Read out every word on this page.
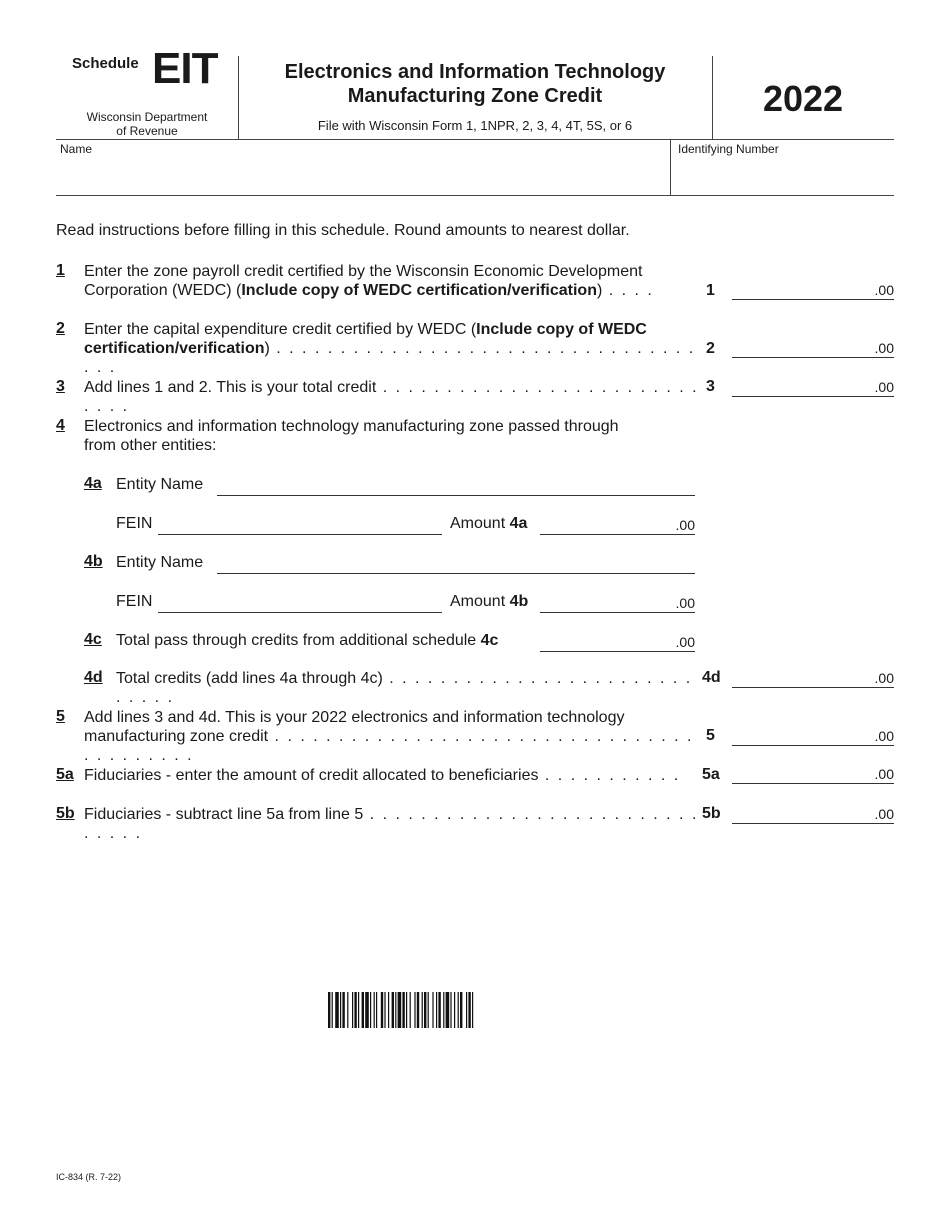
Schedule EIT
Wisconsin Department
of Revenue
Electronics and Information Technology
Manufacturing Zone Credit
File with Wisconsin Form 1, 1NPR, 2, 3, 4, 4T, 5S, or 6
2022
Name	Identifying Number
Read instructions before filling in this schedule. Round amounts to nearest dollar.
1 Enter the zone payroll credit certified by the Wisconsin Economic Development
Corporation (WEDC) (Include copy of WEDC certification/verification) . . . .	1	.00
2 Enter the capital expenditure credit certified by WEDC (Include copy of WEDC
certification/verification) . . . . . . . . . . . . . . . . . . . . . . . . . . . . . . . . . . . .
2	.00
3 Add lines 1 and 2. This is your total credit . . . . . . . . . . . . . . . . . . . . . . . . . . . . .
3	.00
4 Electronics and information technology manufacturing zone passed through
from other entities:
4a Entity Name
FEIN	Amount 4a	.00
4b Entity Name
FEIN	Amount 4b	.00
4c Total pass through credits from additional schedule 4c	.00
4d Total credits (add lines 4a through 4c) . . . . . . . . . . . . . . . . . . . . . . . . . . . . .
4d	.00
5 Add lines 3 and 4d. This is your 2022 electronics and information technology
manufacturing zone credit . . . . . . . . . . . . . . . . . . . . . . . . . . . . . . . . . . . . . . . . . .
5	.00
5a Fiduciaries - enter the amount of credit allocated to beneficiaries . . . . . . . . . . .	5a	.00
5b Fiduciaries - subtract line 5a from line 5 . . . . . . . . . . . . . . . . . . . . . . . . . . . . . . .
5b	.00
IC-834 (R. 7-22)
